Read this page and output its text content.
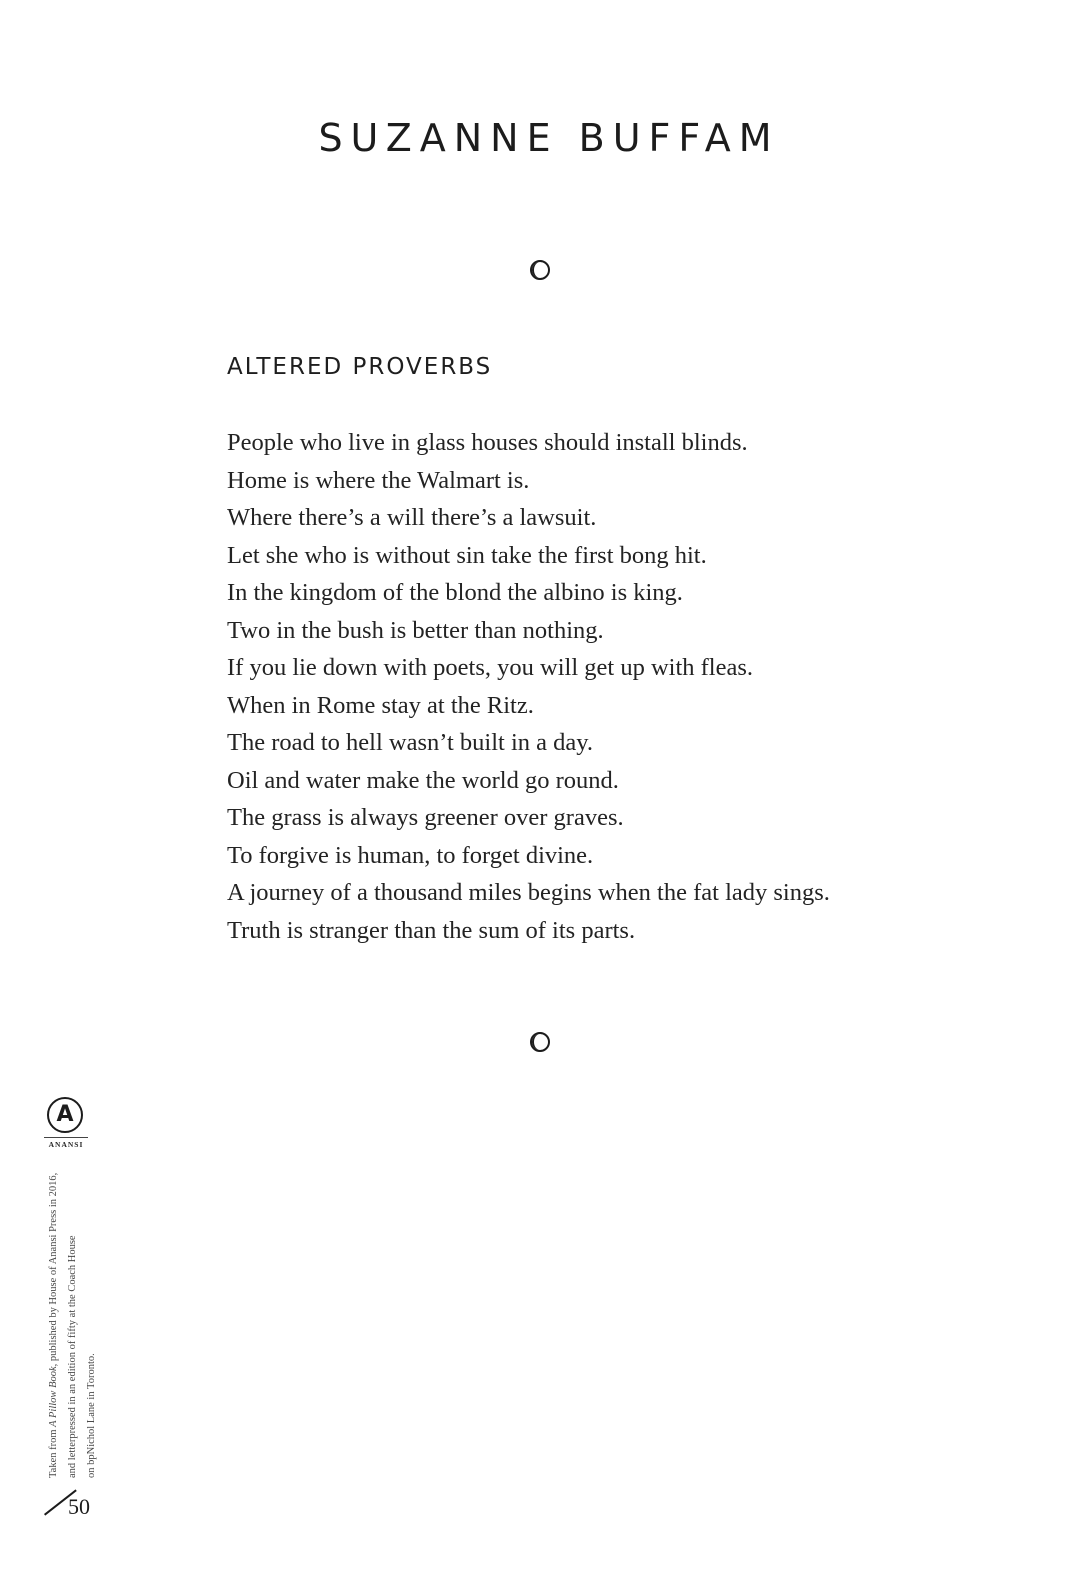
SUZANNE BUFFAM
ALTERED PROVERBS
People who live in glass houses should install blinds.
Home is where the Walmart is.
Where there’s a will there’s a lawsuit.
Let she who is without sin take the first bong hit.
In the kingdom of the blond the albino is king.
Two in the bush is better than nothing.
If you lie down with poets, you will get up with fleas.
When in Rome stay at the Ritz.
The road to hell wasn’t built in a day.
Oil and water make the world go round.
The grass is always greener over graves.
To forgive is human, to forget divine.
A journey of a thousand miles begins when the fat lady sings.
Truth is stranger than the sum of its parts.
A
ANANSI
Taken from A Pillow Book, published by House of Anansi Press in 2016, and letterpressed in an edition of fifty at the Coach House on bpNichol Lane in Toronto.
50
